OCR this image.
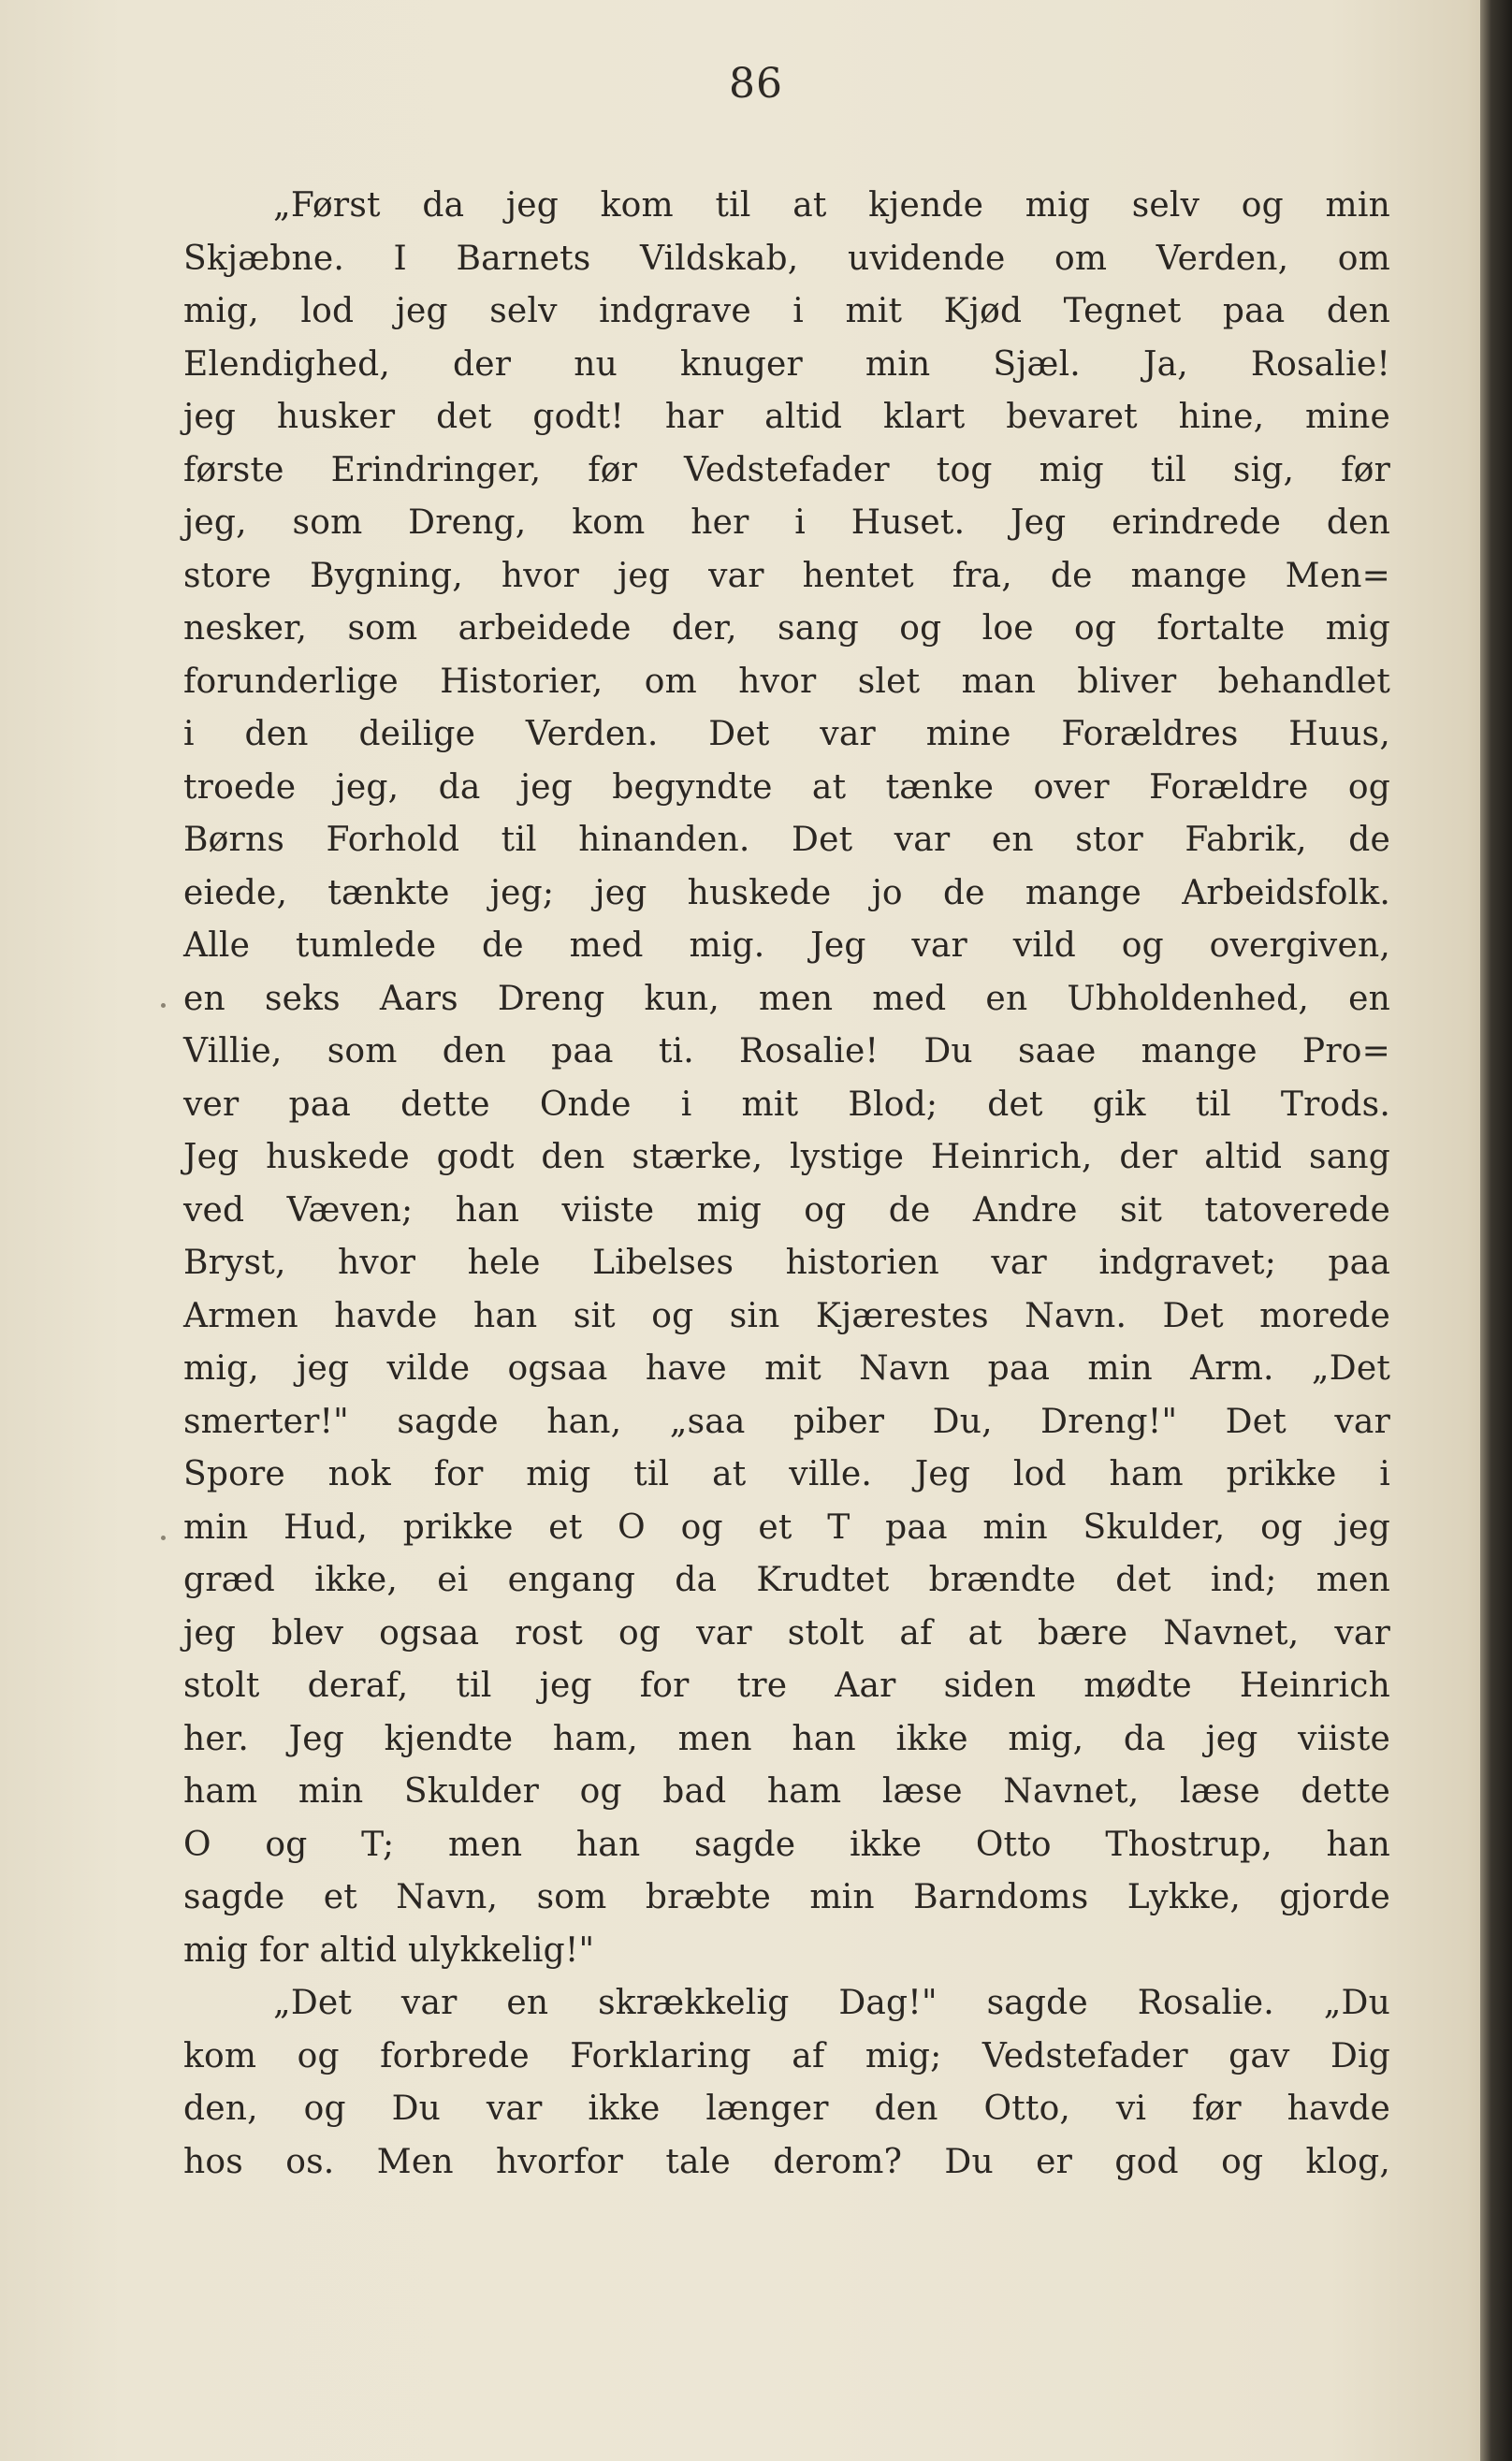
86
„Først da jeg kom til at kjende mig selv og min
Skjæbne. I Barnets Vildskab, uvidende om Verden, om
mig, lod jeg selv indgrave i mit Kjød Tegnet paa den
Elendighed, der nu knuger min Sjæl. Ja, Rosalie!
jeg husker det godt! har altid klart bevaret hine, mine
første Erindringer, før Vedstefader tog mig til sig, før
jeg, som Dreng, kom her i Huset. Jeg erindrede den
store Bygning, hvor jeg var hentet fra, de mange Men=
nesker, som arbeidede der, sang og loe og fortalte mig
forunderlige Historier, om hvor slet man bliver behandlet
i den deilige Verden. Det var mine Forældres Huus,
troede jeg, da jeg begyndte at tænke over Forældre og
Børns Forhold til hinanden. Det var en stor Fabrik, de
eiede, tænkte jeg; jeg huskede jo de mange Arbeidsfolk.
Alle tumlede de med mig. Jeg var vild og overgiven,
en seks Aars Dreng kun, men med en Ubholdenhed, en
Villie, som den paa ti. Rosalie! Du saae mange Pro=
ver paa dette Onde i mit Blod; det gik til Trods.
Jeg huskede godt den stærke, lystige Heinrich, der altid sang
ved Væven; han viiste mig og de Andre sit tatoverede
Bryst, hvor hele Libelses historien var indgravet; paa
Armen havde han sit og sin Kjærestes Navn. Det morede
mig, jeg vilde ogsaa have mit Navn paa min Arm. „Det
smerter!" sagde han, „saa piber Du, Dreng!" Det var
Spore nok for mig til at ville. Jeg lod ham prikke i
min Hud, prikke et O og et T paa min Skulder, og jeg
græd ikke, ei engang da Krudtet brændte det ind; men
jeg blev ogsaa rost og var stolt af at bære Navnet, var
stolt deraf, til jeg for tre Aar siden mødte Heinrich
her. Jeg kjendte ham, men han ikke mig, da jeg viiste
ham min Skulder og bad ham læse Navnet, læse dette
O og T; men han sagde ikke Otto Thostrup, han
sagde et Navn, som bræbte min Barndoms Lykke, gjorde
mig for altid ulykkelig!"
„Det var en skrækkelig Dag!" sagde Rosalie. „Du
kom og forbrede Forklaring af mig; Vedstefader gav Dig
den, og Du var ikke længer den Otto, vi før havde
hos os. Men hvorfor tale derom? Du er god og klog,
